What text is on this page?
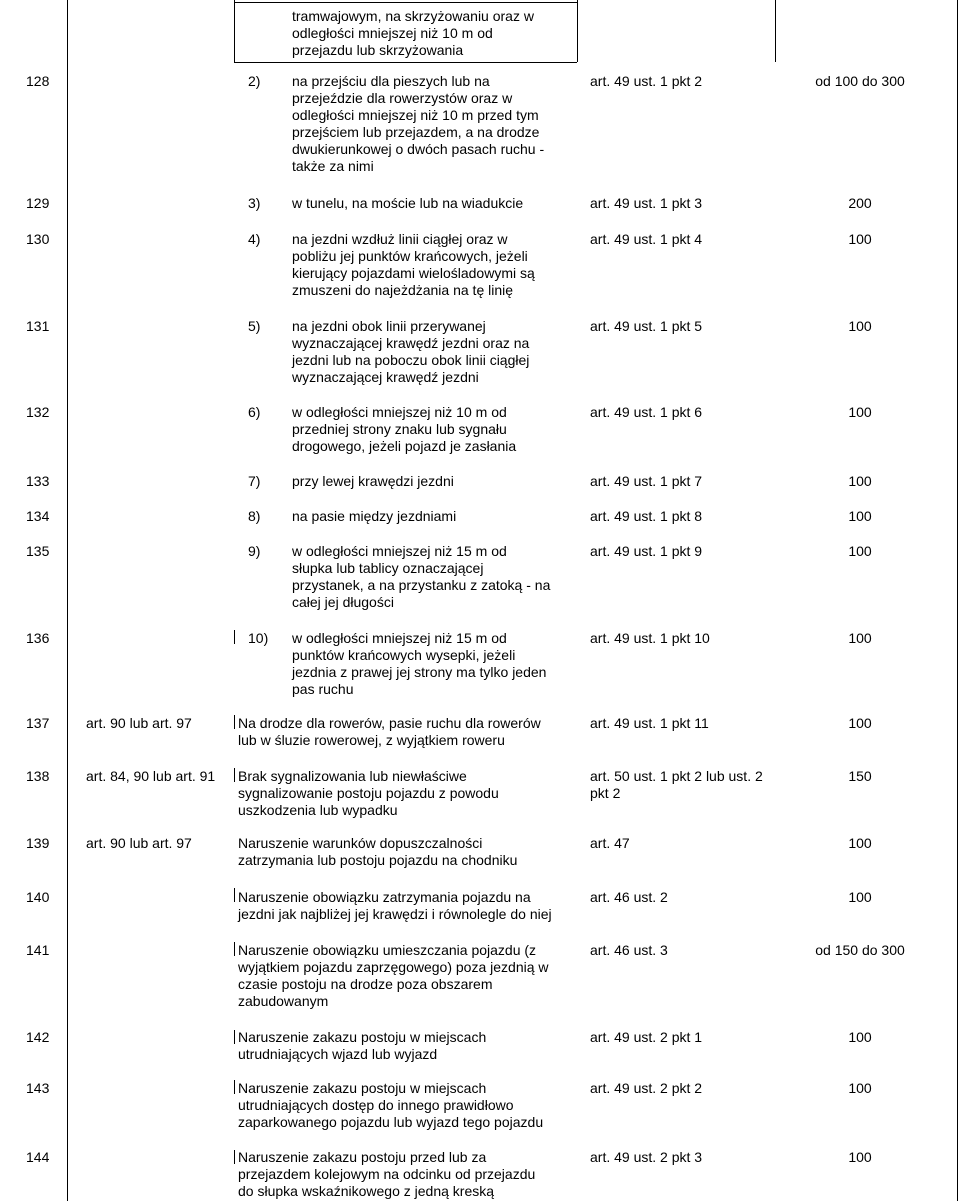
tramwajowym, na skrzyżowaniu oraz w
odległości mniejszej niż 10 m od
przejazdu lub skrzyżowania
128	2) na przejściu dla pieszych lub na
przejeździe dla rowerzystów oraz w
odległości mniejszej niż 10 m przed tym
przejściem lub przejazdem, a na drodze
dwukierunkowej o dwóch pasach ruchu -
także za nimi
art. 49 ust. 1 pkt 2	od 100 do 300
129	3) w tunelu, na moście lub na wiadukcie	art. 49 ust. 1 pkt 3	200
130	4) na jezdni wzdłuż linii ciągłej oraz w
pobliżu jej punktów krańcowych, jeżeli
kierujący pojazdami wielośladowymi są
zmuszeni do najeżdżania na tę linię
art. 49 ust. 1 pkt 4	100
131	5) na jezdni obok linii przerywanej
wyznaczającej krawędź jezdni oraz na
jezdni lub na poboczu obok linii ciągłej
wyznaczającej krawędź jezdni
art. 49 ust. 1 pkt 5	100
132	6) w odległości mniejszej niż 10 m od
przedniej strony znaku lub sygnału
drogowego, jeżeli pojazd je zasłania
art. 49 ust. 1 pkt 6	100
133	7) przy lewej krawędzi jezdni	art. 49 ust. 1 pkt 7	100
134	8) na pasie między jezdniami	art. 49 ust. 1 pkt 8	100
135	9) w odległości mniejszej niż 15 m od
słupka lub tablicy oznaczającej
przystanek, a na przystanku z zatoką - na
całej jej długości
art. 49 ust. 1 pkt 9	100
136	10) w odległości mniejszej niż 15 m od
punktów krańcowych wysepki, jeżeli
jezdnia z prawej jej strony ma tylko jeden
pas ruchu
art. 49 ust. 1 pkt 10	100
137	art. 90 lub art. 97	Na drodze dla rowerów, pasie ruchu dla rowerów
lub w śluzie rowerowej, z wyjątkiem roweru
art. 49 ust. 1 pkt 11	100
138	art. 84, 90 lub art. 91 Brak sygnalizowania lub niewłaściwe
sygnalizowanie postoju pojazdu z powodu
uszkodzenia lub wypadku
art. 50 ust. 1 pkt 2 lub ust. 2
pkt 2
150
139	art. 90 lub art. 97	Naruszenie warunków dopuszczalności
zatrzymania lub postoju pojazdu na chodniku
art. 47	100
140	Naruszenie obowiązku zatrzymania pojazdu na
jezdni jak najbliżej jej krawędzi i równolegle do niej
art. 46 ust. 2	100
141	Naruszenie obowiązku umieszczania pojazdu (z
wyjątkiem pojazdu zaprzęgowego) poza jezdnią w
czasie postoju na drodze poza obszarem
zabudowanym
art. 46 ust. 3	od 150 do 300
142	Naruszenie zakazu postoju w miejscach
utrudniających wjazd lub wyjazd
art. 49 ust. 2 pkt 1	100
143	Naruszenie zakazu postoju w miejscach
utrudniających dostęp do innego prawidłowo
zaparkowanego pojazdu lub wyjazd tego pojazdu
art. 49 ust. 2 pkt 2	100
144	Naruszenie zakazu postoju przed lub za
przejazdem kolejowym na odcinku od przejazdu
do słupka wskaźnikowego z jedną kreską
art. 49 ust. 2 pkt 3	100
